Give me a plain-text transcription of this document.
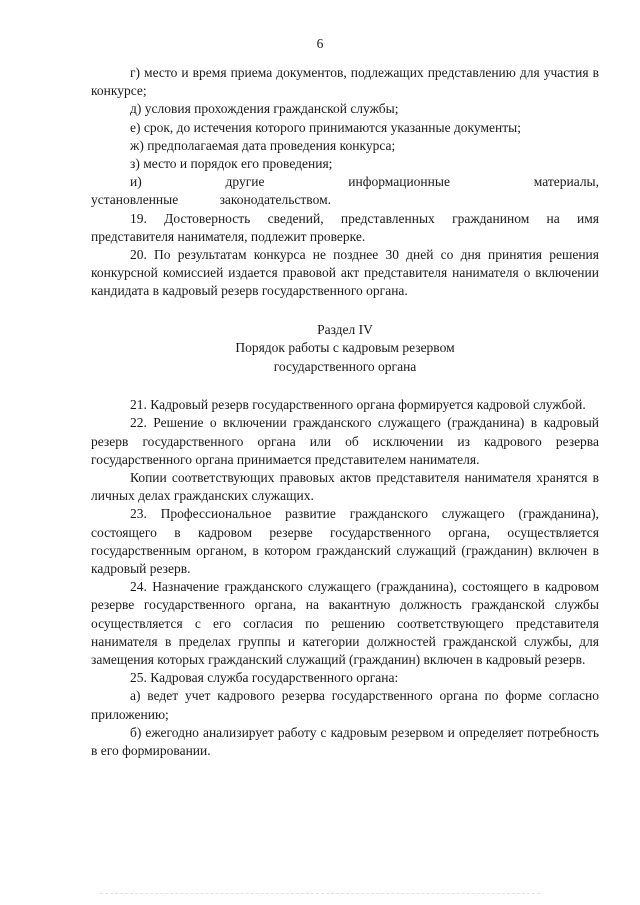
6

г) место и время приема документов, подлежащих представлению для участия в конкурсе;

д) условия прохождения гражданской службы;

е) срок, до истечения которого принимаются указанные документы;

ж) предполагаемая дата проведения конкурса;

з) место и порядок его проведения;

и) другие информационные материалы, установленные законодательством.

19. Достоверность сведений, представленных гражданином на имя представителя нанимателя, подлежит проверке.

20. По результатам конкурса не позднее 30 дней со дня принятия решения конкурсной комиссией издается правовой акт представителя нанимателя о включении кандидата в кадровый резерв государственного органа.

Раздел IV
Порядок работы с кадровым резервом
государственного органа

21. Кадровый резерв государственного органа формируется кадровой службой.

22. Решение о включении гражданского служащего (гражданина) в кадровый резерв государственного органа или об исключении из кадрового резерва государственного органа принимается представителем нанимателя.

Копии соответствующих правовых актов представителя нанимателя хранятся в личных делах гражданских служащих.

23. Профессиональное развитие гражданского служащего (гражданина), состоящего в кадровом резерве государственного органа, осуществляется государственным органом, в котором гражданский служащий (гражданин) включен в кадровый резерв.

24. Назначение гражданского служащего (гражданина), состоящего в кадровом резерве государственного органа, на вакантную должность гражданской службы осуществляется с его согласия по решению соответствующего представителя нанимателя в пределах группы и категории должностей гражданской службы, для замещения которых гражданский служащий (гражданин) включен в кадровый резерв.

25. Кадровая служба государственного органа:

а) ведет учет кадрового резерва государственного органа по форме согласно приложению;

б) ежегодно анализирует работу с кадровым резервом и определяет потребность в его формировании.
